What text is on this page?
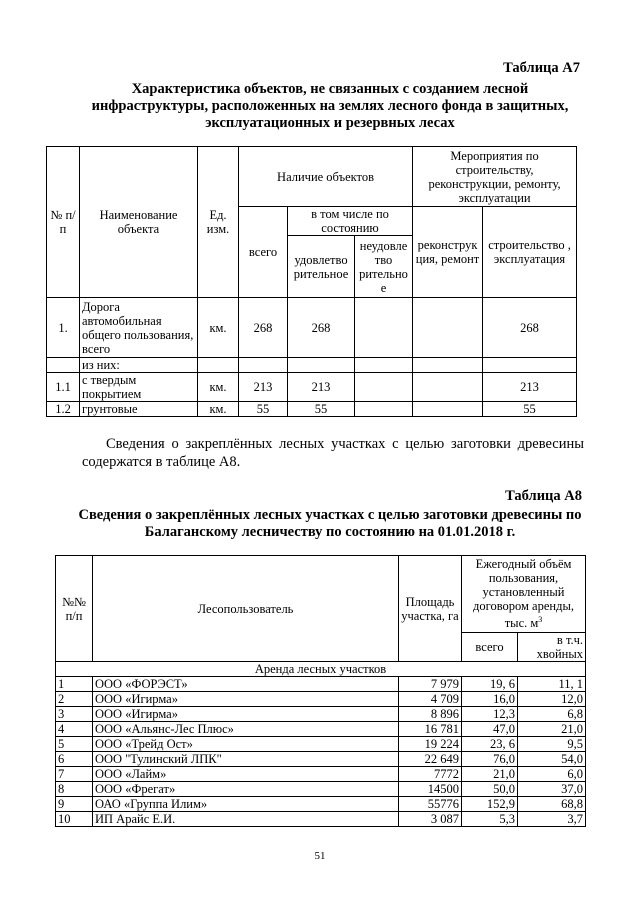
Таблица А7
Характеристика объектов, не связанных с созданием лесной
инфраструктуры, расположенных на землях лесного фонда в защитных,
эксплуатационных и резервных лесах
№ п/п	Наименование объекта	Ед. изм.	Наличие объектов			Мероприятия по строительству, реконструкции, ремонту, эксплуатации	
			всего	в том числе по состоянию		реконструк ция, ремонт	строительство , эксплуатация
				удовлетво рительное	неудовле тво рительно е		
1.	Дорога автомобильная общего пользования, всего	км.	268	268			268
	из них:						
1.1	с твердым покрытием	км.	213	213			213
1.2	грунтовые	км.	55	55			55
Сведения о закреплённых лесных участках с целью заготовки древесины содержатся в таблице А8.
Таблица А8
Сведения о закреплённых лесных участках с целью заготовки древесины по
Балаганскому лесничеству по состоянию на 01.01.2018 г.
№№ п/п	Лесопользователь	Площадь участка, га	Ежегодный объём пользования, установленный договором аренды, тыс. $м^3$
			всего	в т.ч. хвойных
Аренда лесных участков				
1	ООО «ФОРЭСТ»	7 979	19, 6	11, 1
2	ООО «Игирма»	4 709	16,0	12,0
3	ООО «Игирма»	8 896	12,3	6,8
4	ООО «Альянс-Лес Плюс»	16 781	47,0	21,0
5	ООО «Трейд Ост»	19 224	23, 6	9,5
6	ООО "Тулинский ЛПК"	22 649	76,0	54,0
7	ООО «Лайм»	7772	21,0	6,0
8	ООО «Фрегат»	14500	50,0	37,0
9	ОАО «Группа Илим»	55776	152,9	68,8
10	ИП Арайс Е.И.	3 087	5,3	3,7
51
